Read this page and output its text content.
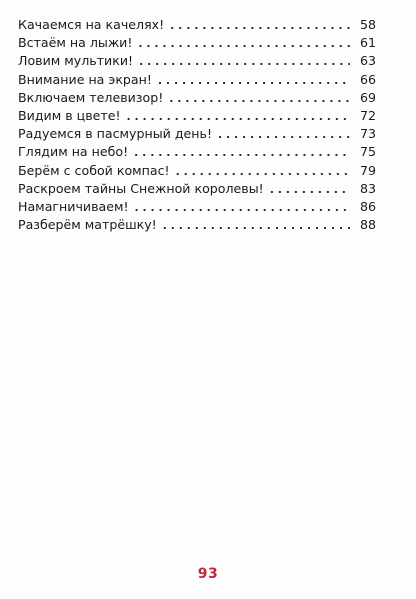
Качаемся на качелях! . . .	58
Встаём на лыжи! . . .	61
Ловим мультики! . . .	63
Внимание на экран! . . .	66
Включаем телевизор! . . .	69
Видим в цвете! . . .	72
Радуемся в пасмурный день! . . .	73
Глядим на небо! . . .	75
Берём с собой компас! . . .	79
Раскроем тайны Снежной королевы! . . .	83
Намагничиваем! . . .	86
Разберём матрёшку! . . .	88
93
